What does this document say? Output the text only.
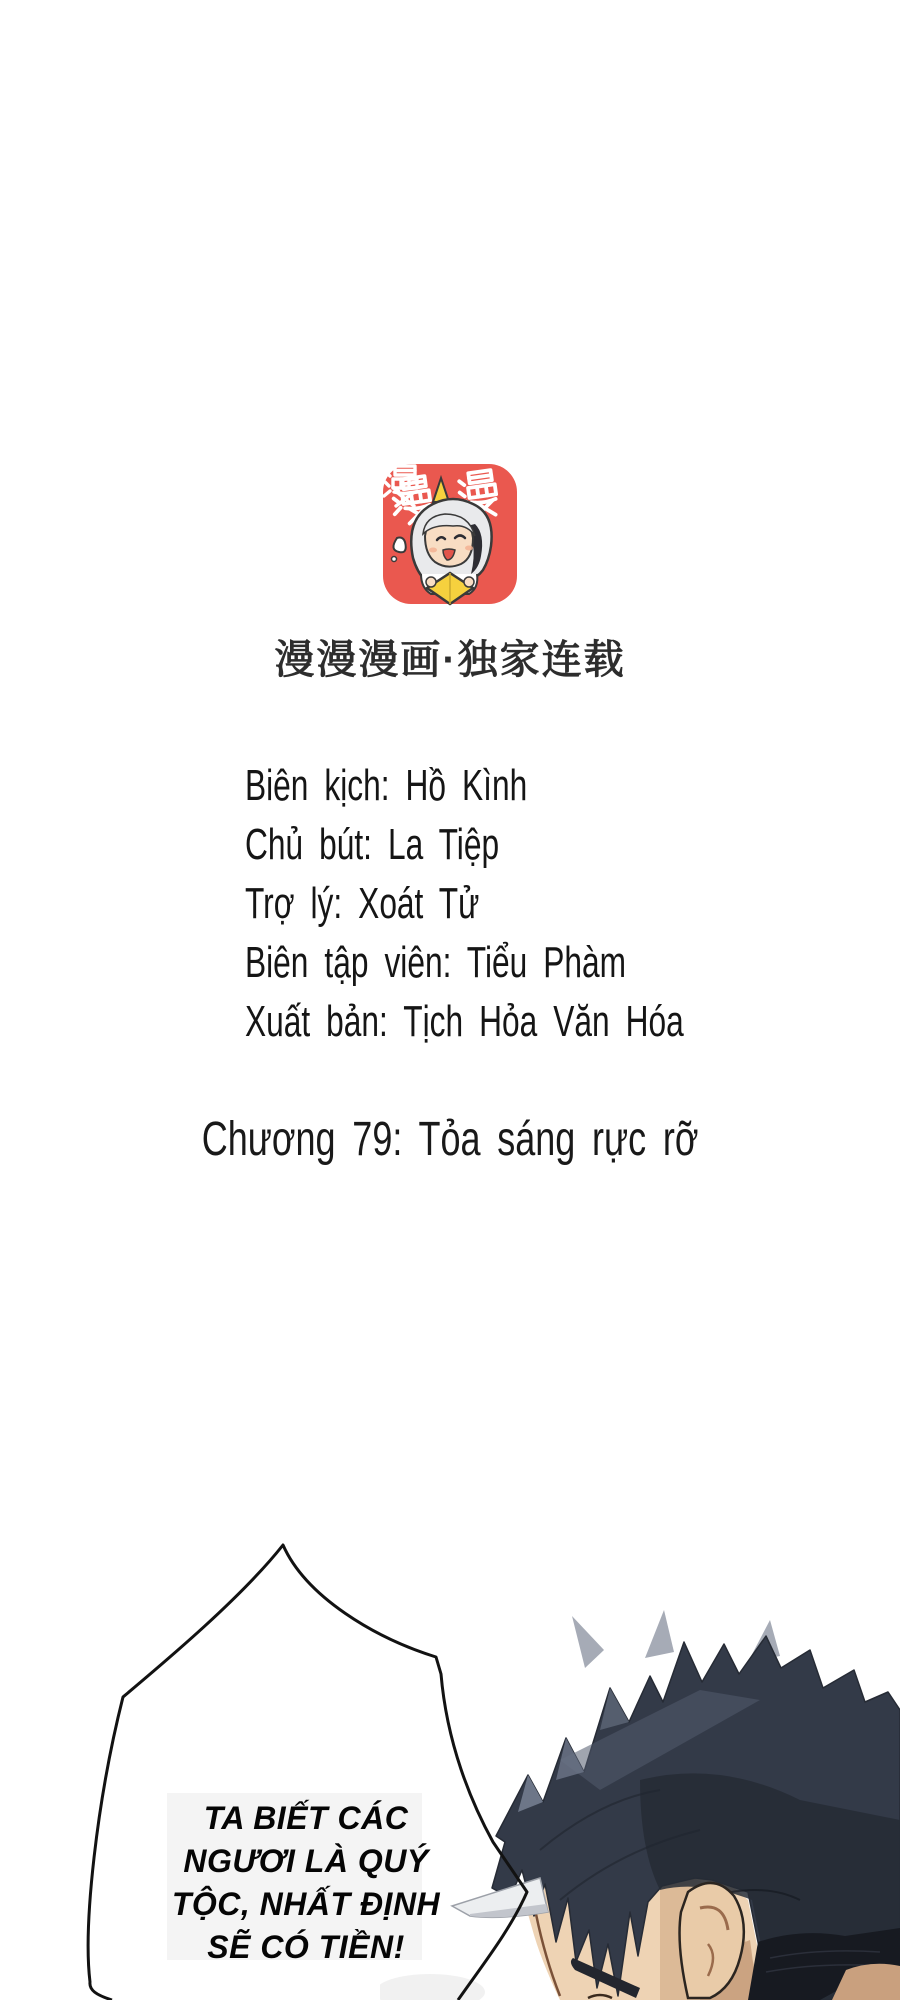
漫漫漫画·独家连载
Biên kịch: Hồ Kình
Chủ bút: La Tiệp
Trợ lý: Xoát Tử
Biên tập viên: Tiểu Phàm
Xuất bản: Tịch Hỏa Văn Hóa
Chương 79: Tỏa sáng rực rỡ
TA BIẾT CÁC
NGƯƠI LÀ QUÝ
TỘC, NHẤT ĐỊNH
SẼ CÓ TIỀN!
